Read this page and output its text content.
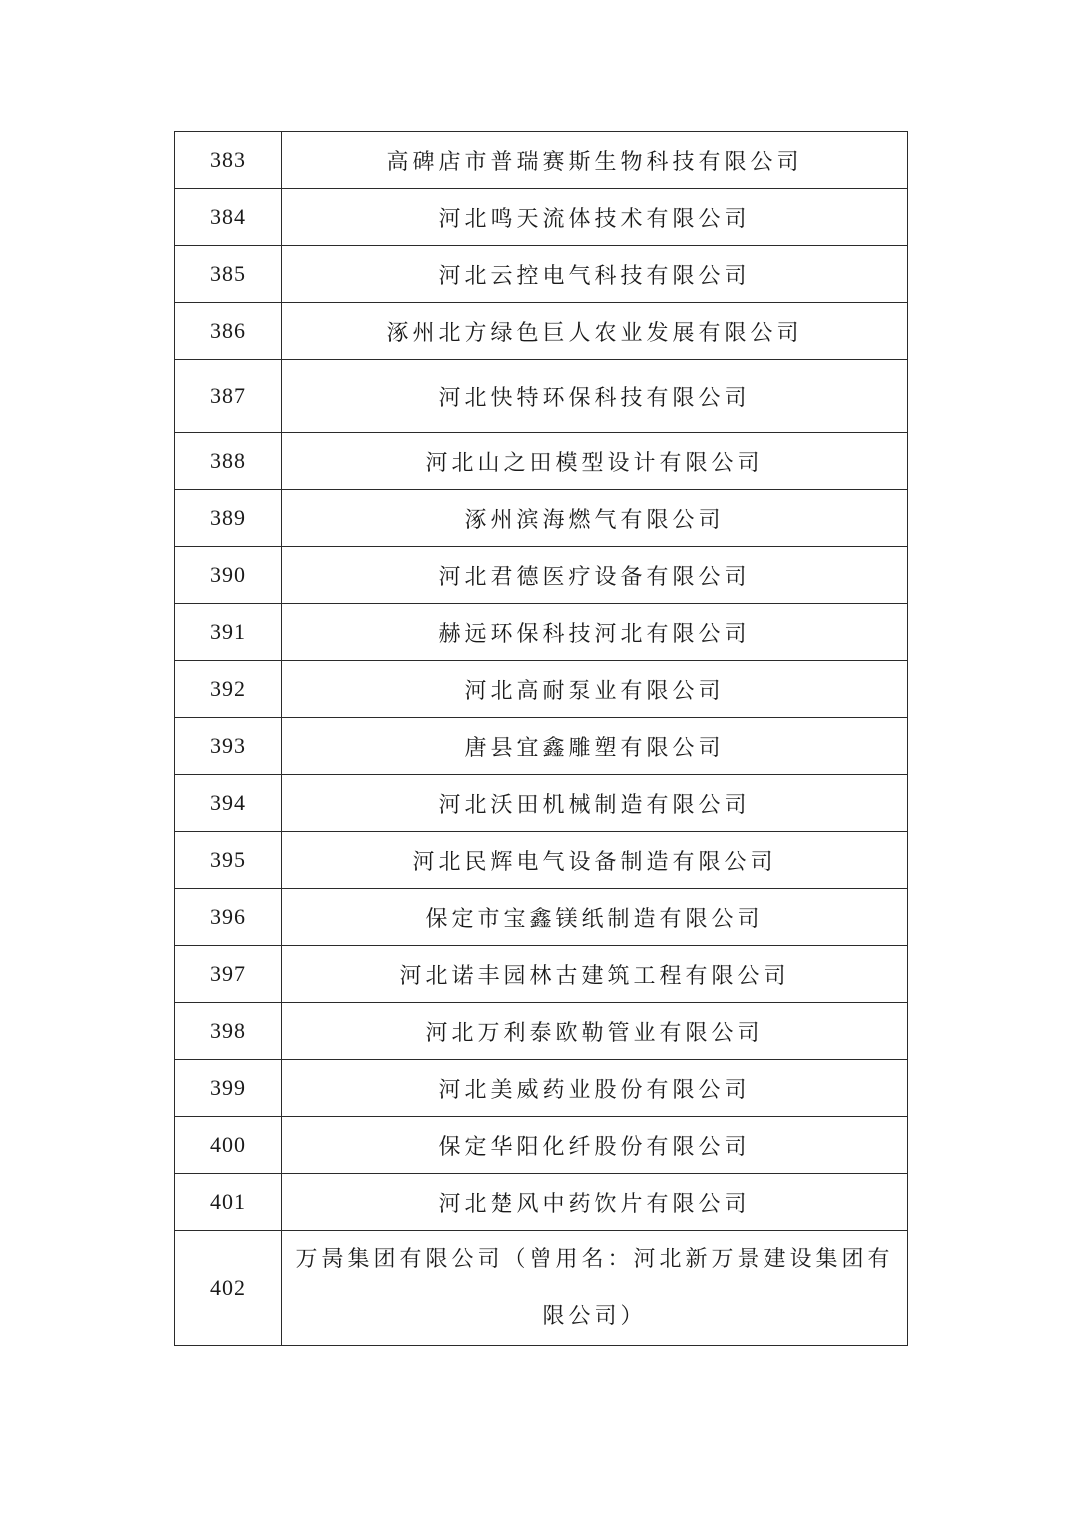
383	高碑店市普瑞赛斯生物科技有限公司
384	河北鸣天流体技术有限公司
385	河北云控电气科技有限公司
386	涿州北方绿色巨人农业发展有限公司
387	河北快特环保科技有限公司
388	河北山之田模型设计有限公司
389	涿州滨海燃气有限公司
390	河北君德医疗设备有限公司
391	赫远环保科技河北有限公司
392	河北高耐泵业有限公司
393	唐县宜鑫雕塑有限公司
394	河北沃田机械制造有限公司
395	河北民辉电气设备制造有限公司
396	保定市宝鑫镁纸制造有限公司
397	河北诺丰园林古建筑工程有限公司
398	河北万利泰欧勒管业有限公司
399	河北美威药业股份有限公司
400	保定华阳化纤股份有限公司
401	河北楚风中药饮片有限公司
402	万昺集团有限公司（曾用名：河北新万景建设集团有限公司）
